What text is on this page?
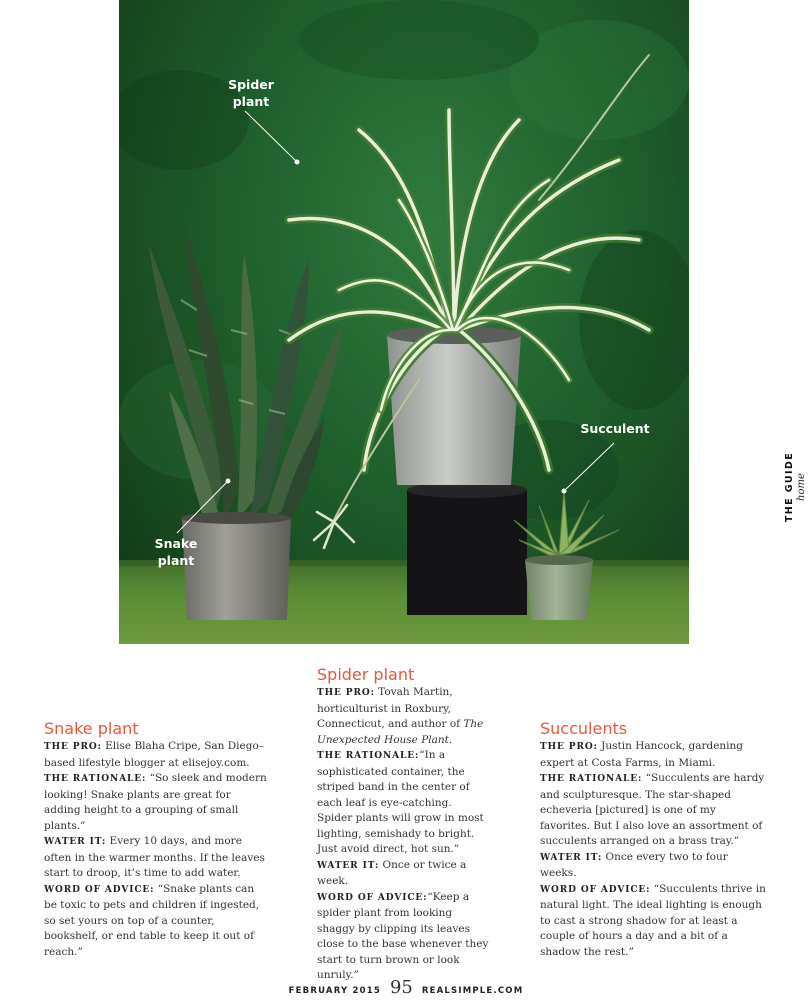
Spider
plant
Snake
plant
Succulent
THE GUIDE home
Snake plant

THE PRO: Elise Blaha Cripe, San Diego–based lifestyle blogger at elisejoy.com.

THE RATIONALE: “So sleek and modern looking! Snake plants are great for adding height to a grouping of small plants.”

WATER IT: Every 10 days, and more often in the warmer months. If the leaves start to droop, it’s time to add water.

WORD OF ADVICE: “Snake plants can be toxic to pets and children if ingested, so set yours on top of a counter, bookshelf, or end table to keep it out of reach.”

Spider plant

THE PRO: Tovah Martin, horticulturist in Roxbury, Connecticut, and author of The Unexpected House Plant.

THE RATIONALE:“In a sophisticated container, the striped band in the center of each leaf is eye-catching. Spider plants will grow in most lighting, semishady to bright. Just avoid direct, hot sun.”

WATER IT: Once or twice a week.

WORD OF ADVICE:“Keep a spider plant from looking shaggy by clipping its leaves close to the base whenever they start to turn brown or look unruly.”

Succulents

THE PRO: Justin Hancock, gardening expert at Costa Farms, in Miami.

THE RATIONALE: “Succulents are hardy and sculpturesque. The star-shaped echeveria [pictured] is one of my favorites. But I also love an assortment of succulents arranged on a brass tray.”

WATER IT: Once every two to four weeks.

WORD OF ADVICE: “Succulents thrive in natural light. The ideal lighting is enough to cast a strong shadow for at least a couple of hours a day and a bit of a shadow the rest.”

FEBRUARY 2015 95 REALSIMPLE.COM
